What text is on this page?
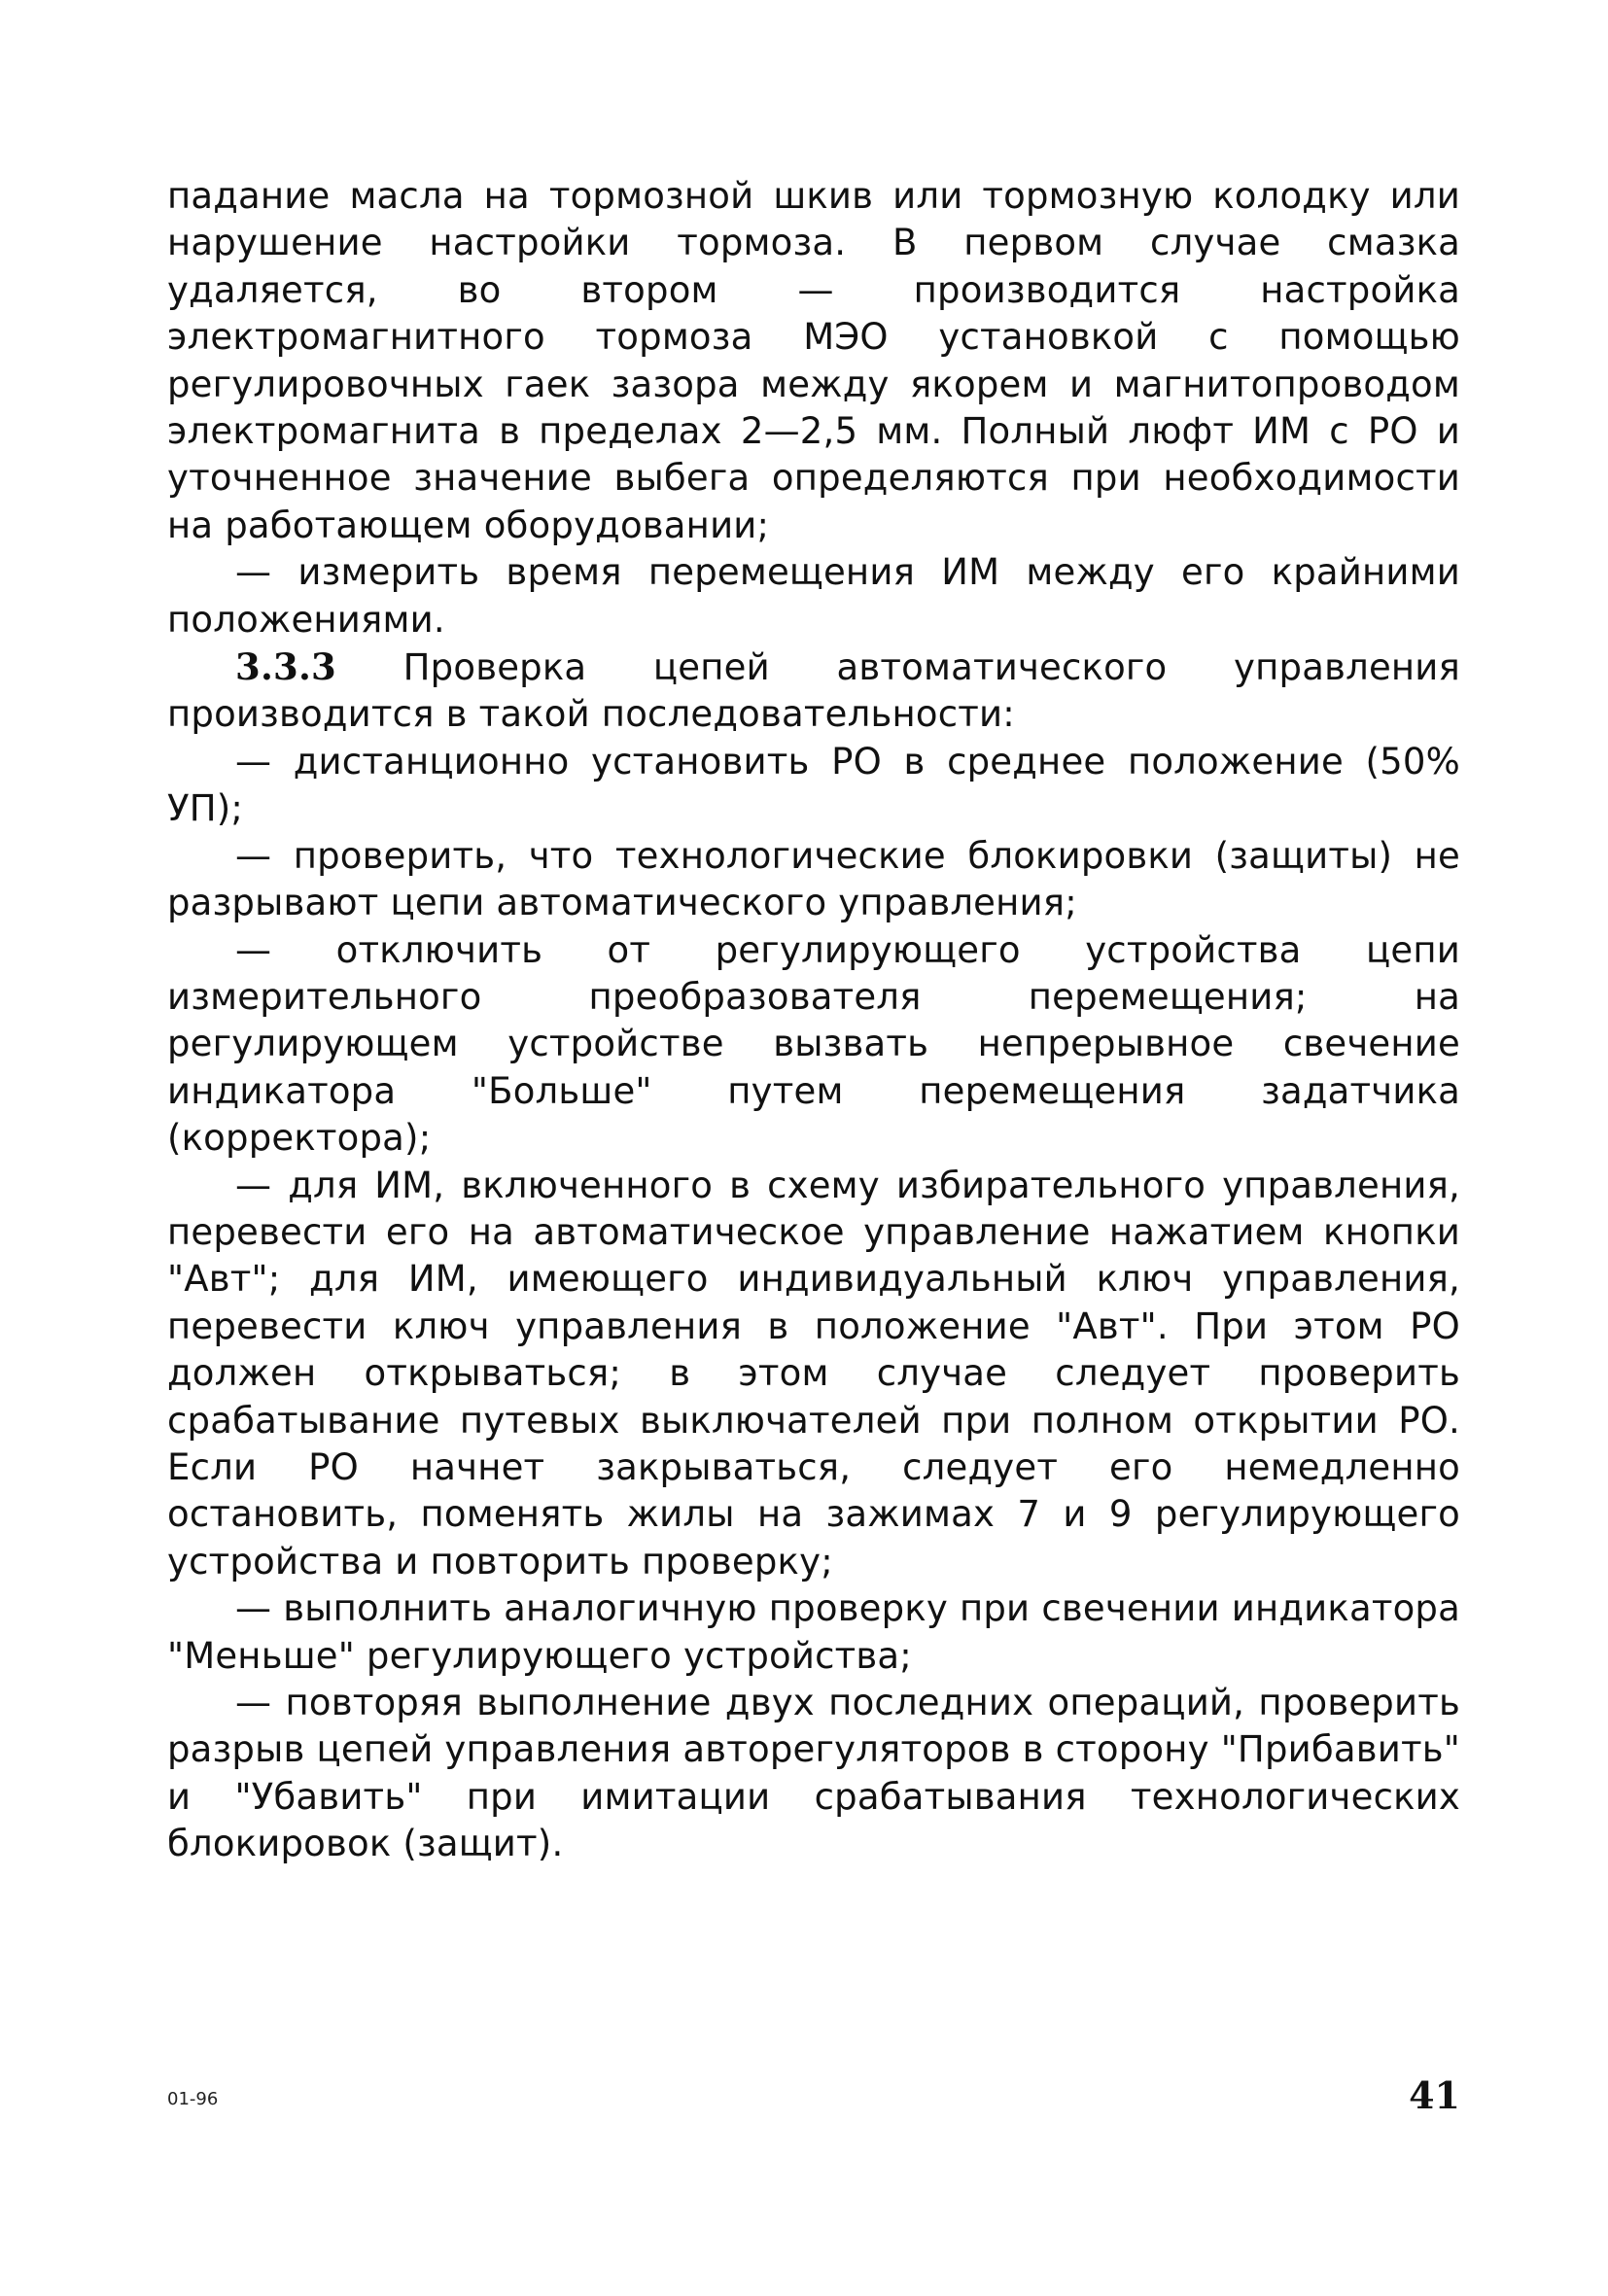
падание масла на тормозной шкив или тормозную колодку или нарушение настройки тормоза. В первом случае смазка удаляется, во втором — производится настройка электромагнитного тормоза МЭО установкой с помощью регулировочных гаек зазора между якорем и магнитопроводом электромагнита в пределах 2—2,5 мм. Полный люфт ИМ с РО и уточненное значение выбега определяются при необходимости на работающем оборудовании;

— измерить время перемещения ИМ между его крайними положениями.

3.3.3 Проверка цепей автоматического управления производится в такой последовательности:

— дистанционно установить РО в среднее положение (50% УП);

— проверить, что технологические блокировки (защиты) не разрывают цепи автоматического управления;

— отключить от регулирующего устройства цепи измерительного преобразователя перемещения; на регулирующем устройстве вызвать непрерывное свечение индикатора "Больше" путем перемещения задатчика (корректора);

— для ИМ, включенного в схему избирательного управления, перевести его на автоматическое управление нажатием кнопки "Авт"; для ИМ, имеющего индивидуальный ключ управления, перевести ключ управления в положение "Авт". При этом РО должен открываться; в этом случае следует проверить срабатывание путевых выключателей при полном открытии РО. Если РО начнет закрываться, следует его немедленно остановить, поменять жилы на зажимах 7 и 9 регулирующего устройства и повторить проверку;

— выполнить аналогичную проверку при свечении индикатора "Меньше" регулирующего устройства;

— повторяя выполнение двух последних операций, проверить разрыв цепей управления авторегуляторов в сторону "Прибавить" и "Убавить" при имитации срабатывания технологических блокировок (защит).

01-96	41
